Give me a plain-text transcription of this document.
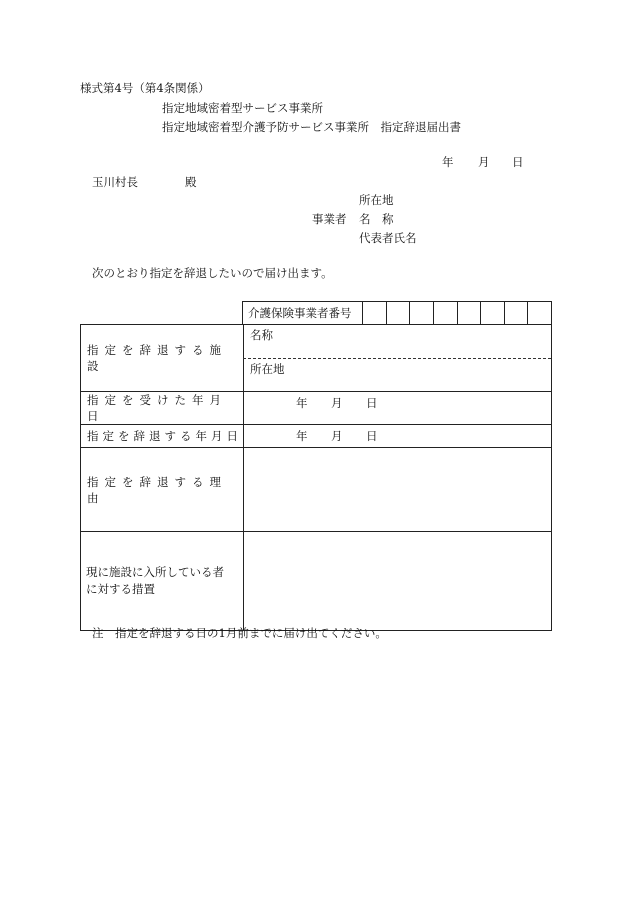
様式第4号（第4条関係）
指定地域密着型サービス事業所
指定地域密着型介護予防サービス事業所　指定辞退届出書
年 月 日
玉川村長	殿
所在地
事業者 名　称
代表者氏名
次のとおり指定を辞退したいので届け出ます。
介護保険事業者番号								
指定を辞退する施設	名称
所在地

指定を受けた年月日	年 月 日

指定を辞退する年月日	年 月 日

指定を辞退する理由	
現に施設に入所している者に対する措置	
注　指定を辞退する日の1月前までに届け出てください。
